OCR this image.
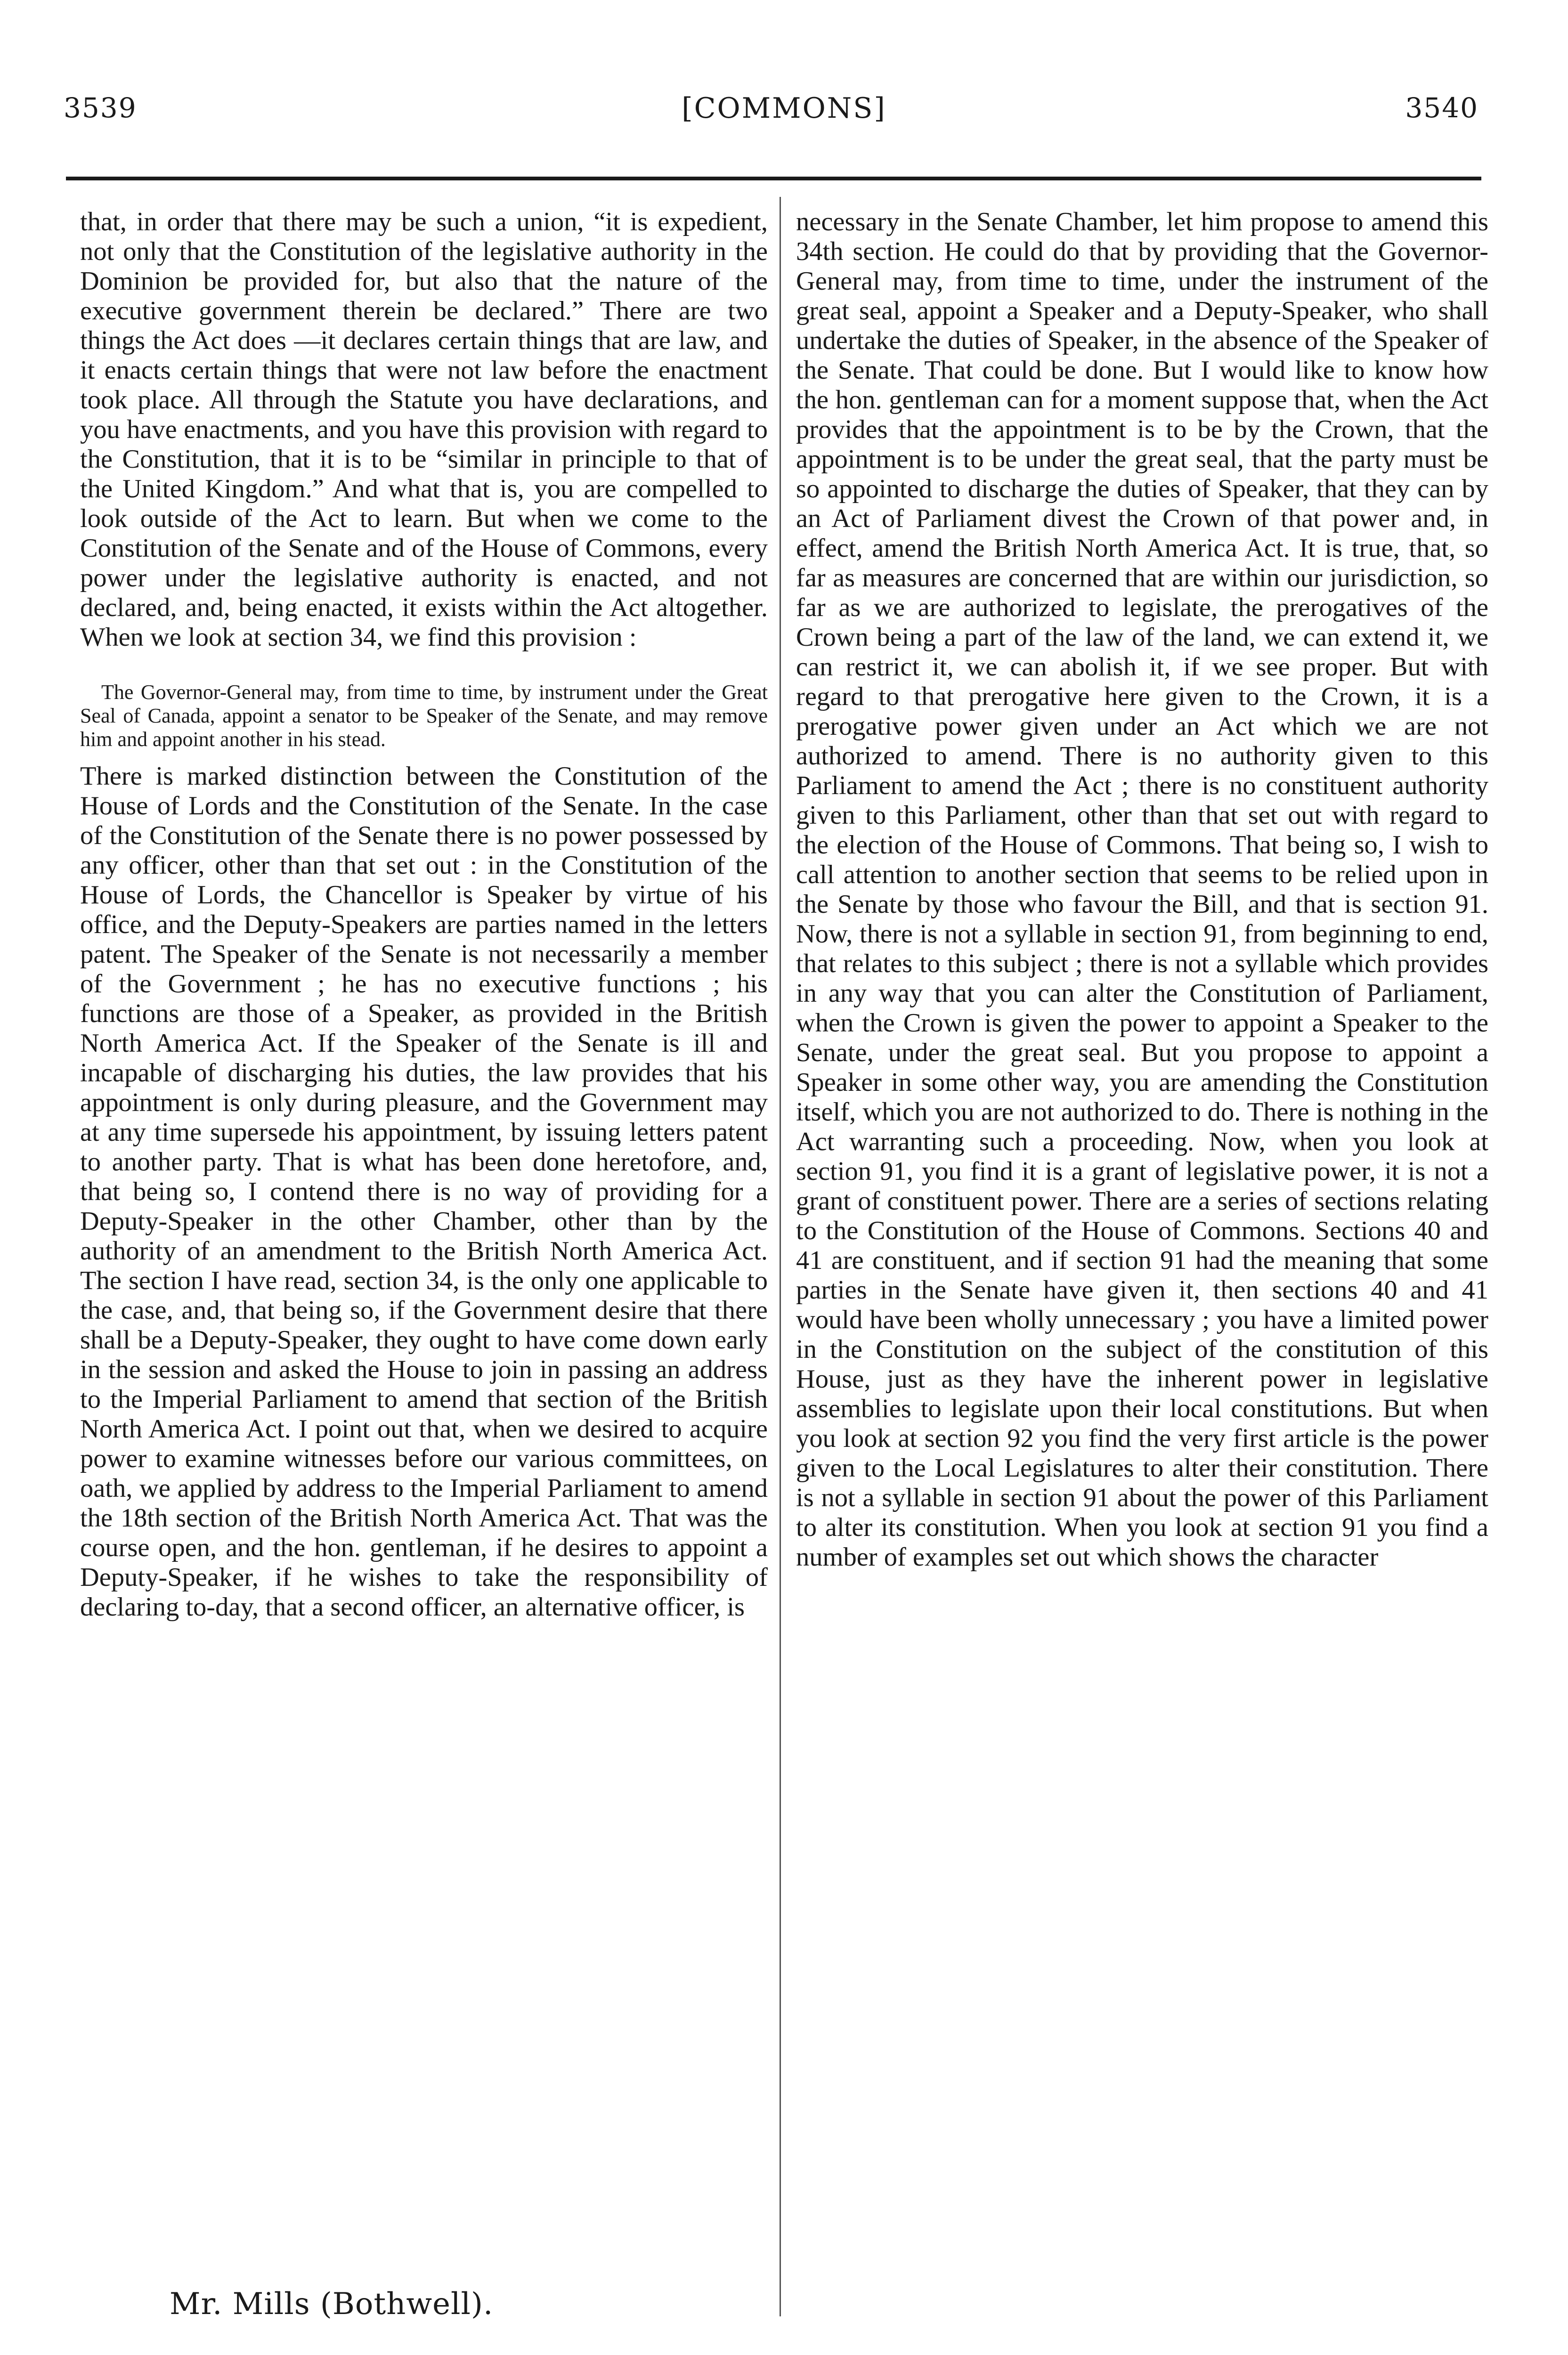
3539	[COMMONS]	3540

that, in order that there may be such a union, “it is expedient, not only that the Constitution of the legislative authority in the Dominion be provided for, but also that the nature of the executive government therein be declared.” There are two things the Act does —it declares certain things that are law, and it enacts certain things that were not law before the enactment took place. All through the Statute you have declarations, and you have enactments, and you have this provision with regard to the Constitution, that it is to be “similar in principle to that of the United Kingdom.” And what that is, you are compelled to look outside of the Act to learn. But when we come to the Constitution of the Senate and of the House of Commons, every power under the legislative authority is enacted, and not declared, and, being enacted, it exists within the Act altogether. When we look at section 34, we find this provision :

The Governor-General may, from time to time, by instrument under the Great Seal of Canada, appoint a senator to be Speaker of the Senate, and may remove him and appoint another in his stead.

There is marked distinction between the Constitution of the House of Lords and the Constitution of the Senate. In the case of the Constitution of the Senate there is no power possessed by any officer, other than that set out : in the Constitution of the House of Lords, the Chancellor is Speaker by virtue of his office, and the Deputy-Speakers are parties named in the letters patent. The Speaker of the Senate is not necessarily a member of the Government ; he has no executive functions ; his functions are those of a Speaker, as provided in the British North America Act. If the Speaker of the Senate is ill and incapable of discharging his duties, the law provides that his appointment is only during pleasure, and the Government may at any time supersede his appointment, by issuing letters patent to another party. That is what has been done heretofore, and, that being so, I contend there is no way of providing for a Deputy-Speaker in the other Chamber, other than by the authority of an amendment to the British North America Act. The section I have read, section 34, is the only one applicable to the case, and, that being so, if the Government desire that there shall be a Deputy-Speaker, they ought to have come down early in the session and asked the House to join in passing an address to the Imperial Parliament to amend that section of the British North America Act. I point out that, when we desired to acquire power to examine witnesses before our various committees, on oath, we applied by address to the Imperial Parliament to amend the 18th section of the British North America Act. That was the course open, and the hon. gentleman, if he desires to appoint a Deputy-Speaker, if he wishes to take the responsibility of declaring to-day, that a second officer, an alternative officer, is

necessary in the Senate Chamber, let him propose to amend this 34th section. He could do that by providing that the Governor-General may, from time to time, under the instrument of the great seal, appoint a Speaker and a Deputy-Speaker, who shall undertake the duties of Speaker, in the absence of the Speaker of the Senate. That could be done. But I would like to know how the hon. gentleman can for a moment suppose that, when the Act provides that the appointment is to be by the Crown, that the appointment is to be under the great seal, that the party must be so appointed to discharge the duties of Speaker, that they can by an Act of Parliament divest the Crown of that power and, in effect, amend the British North America Act. It is true, that, so far as measures are concerned that are within our jurisdiction, so far as we are authorized to legislate, the prerogatives of the Crown being a part of the law of the land, we can extend it, we can restrict it, we can abolish it, if we see proper. But with regard to that prerogative here given to the Crown, it is a prerogative power given under an Act which we are not authorized to amend. There is no authority given to this Parliament to amend the Act ; there is no constituent authority given to this Parliament, other than that set out with regard to the election of the House of Commons. That being so, I wish to call attention to another section that seems to be relied upon in the Senate by those who favour the Bill, and that is section 91. Now, there is not a syllable in section 91, from beginning to end, that relates to this subject ; there is not a syllable which provides in any way that you can alter the Constitution of Parliament, when the Crown is given the power to appoint a Speaker to the Senate, under the great seal. But you propose to appoint a Speaker in some other way, you are amending the Constitution itself, which you are not authorized to do. There is nothing in the Act warranting such a proceeding. Now, when you look at section 91, you find it is a grant of legislative power, it is not a grant of constituent power. There are a series of sections relating to the Constitution of the House of Commons. Sections 40 and 41 are constituent, and if section 91 had the meaning that some parties in the Senate have given it, then sections 40 and 41 would have been wholly unnecessary ; you have a limited power in the Constitution on the subject of the constitution of this House, just as they have the inherent power in legislative assemblies to legislate upon their local constitutions. But when you look at section 92 you find the very first article is the power given to the Local Legislatures to alter their constitution. There is not a syllable in section 91 about the power of this Parliament to alter its constitution. When you look at section 91 you find a number of examples set out which shows the character

Mr. Mills (Bothwell).
